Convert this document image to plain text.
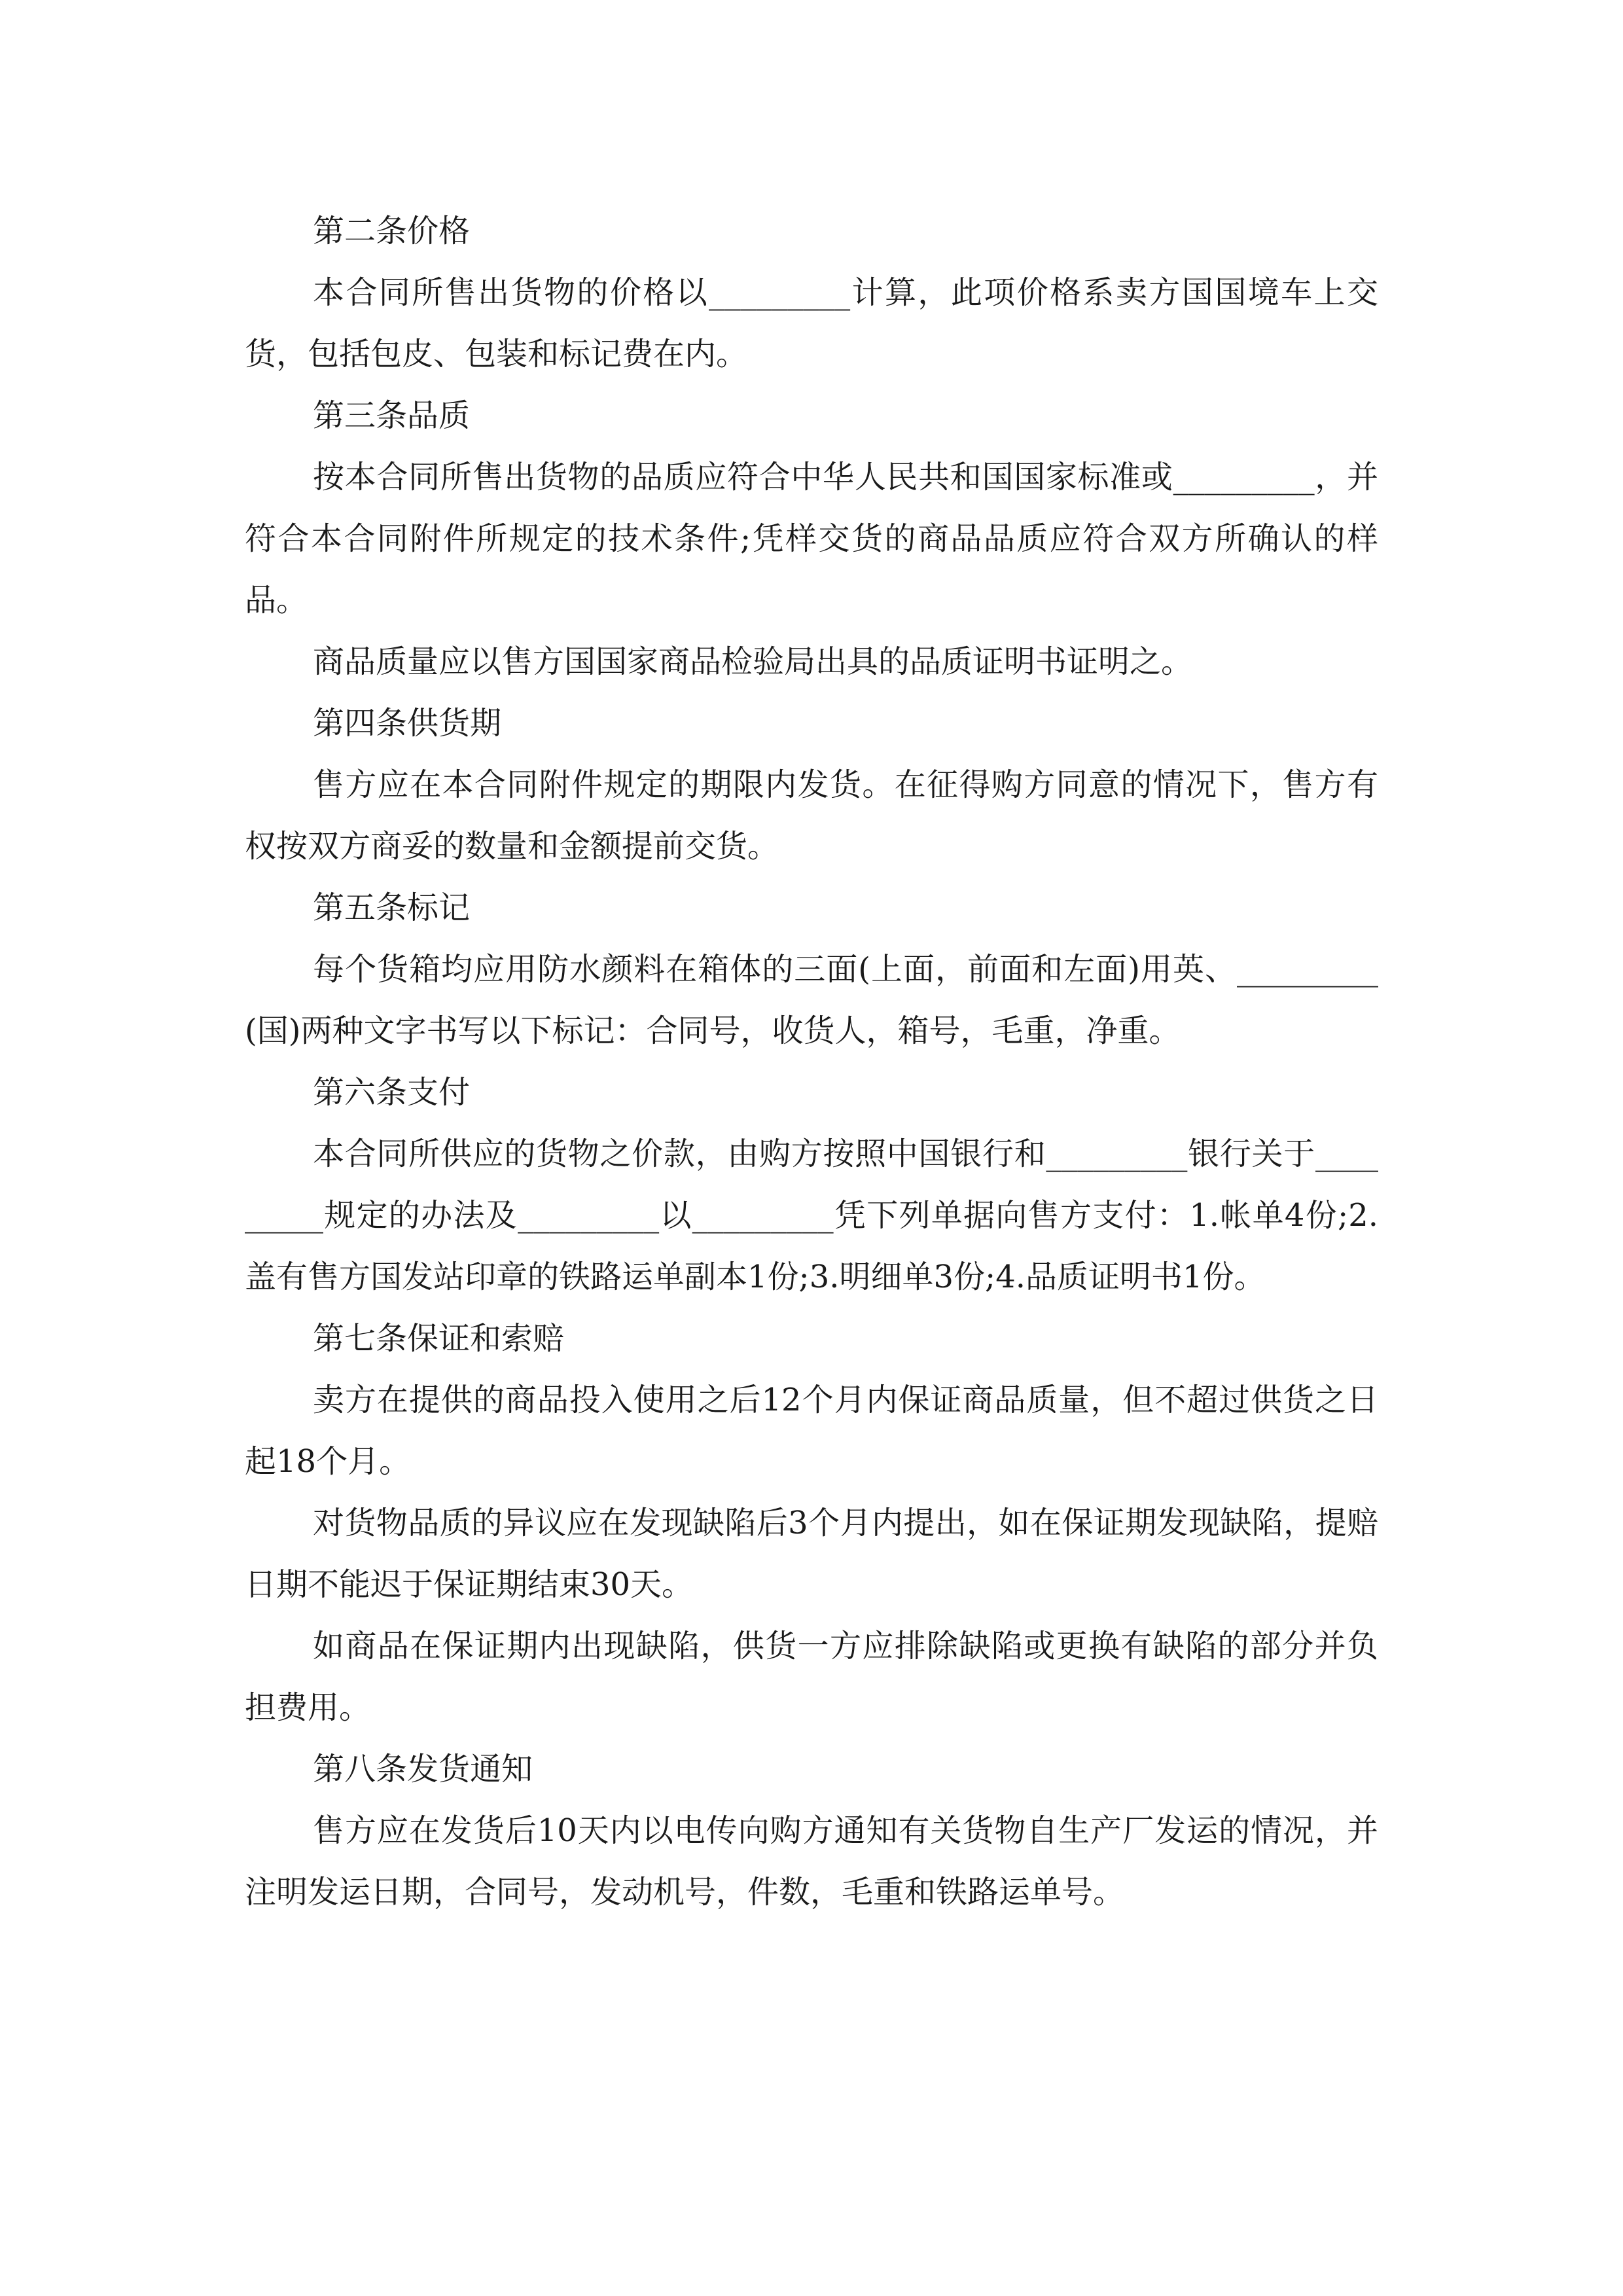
第二条价格

本合同所售出货物的价格以_________计算，此项价格系卖方国国境车上交货，包括包皮、包装和标记费在内。

第三条品质

按本合同所售出货物的品质应符合中华人民共和国国家标准或_________，并符合本合同附件所规定的技术条件;凭样交货的商品品质应符合双方所确认的样品。

商品质量应以售方国国家商品检验局出具的品质证明书证明之。

第四条供货期

售方应在本合同附件规定的期限内发货。在征得购方同意的情况下，售方有权按双方商妥的数量和金额提前交货。

第五条标记

每个货箱均应用防水颜料在箱体的三面(上面，前面和左面)用英、_________(国)两种文字书写以下标记：合同号，收货人，箱号，毛重，净重。

第六条支付

本合同所供应的货物之价款，由购方按照中国银行和_________银行关于_________规定的办法及_________以_________凭下列单据向售方支付：1.帐单4份;2.盖有售方国发站印章的铁路运单副本1份;3.明细单3份;4.品质证明书1份。

第七条保证和索赔

卖方在提供的商品投入使用之后12个月内保证商品质量，但不超过供货之日起18个月。

对货物品质的异议应在发现缺陷后3个月内提出，如在保证期发现缺陷，提赔日期不能迟于保证期结束30天。

如商品在保证期内出现缺陷，供货一方应排除缺陷或更换有缺陷的部分并负担费用。

第八条发货通知

售方应在发货后10天内以电传向购方通知有关货物自生产厂发运的情况，并注明发运日期，合同号，发动机号，件数，毛重和铁路运单号。
